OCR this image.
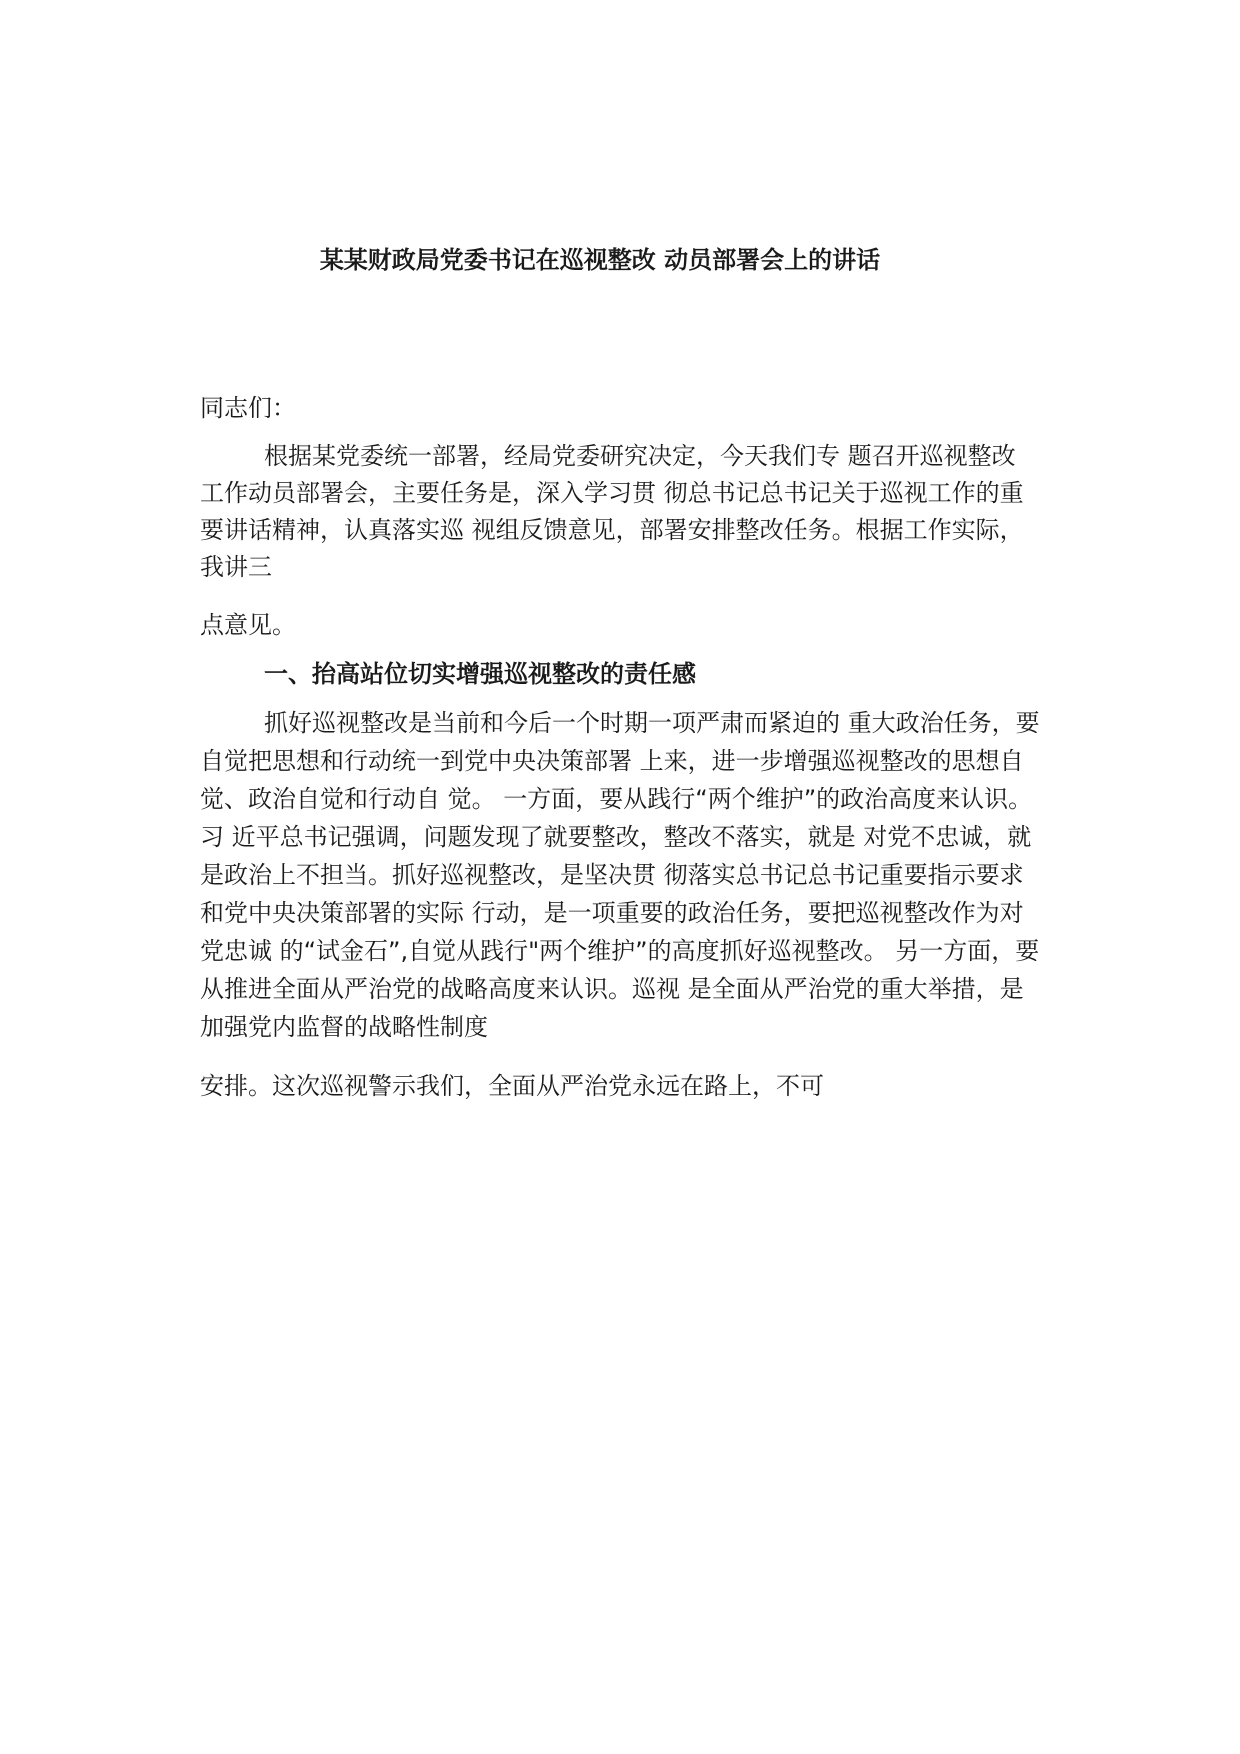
某某财政局党委书记在巡视整改 动员部署会上的讲话
同志们：
根据某党委统一部署，经局党委研究决定，今天我们专 题召开巡视整改
工作动员部署会，主要任务是，深入学习贯 彻总书记总书记关于巡视工作的重
要讲话精神，认真落实巡 视组反馈意见，部署安排整改任务。根据工作实际，
我讲三
点意见。
一、抬高站位切实增强巡视整改的责任感
抓好巡视整改是当前和今后一个时期一项严肃而紧迫的 重大政治任务，要
自觉把思想和行动统一到党中央决策部署 上来，进一步增强巡视整改的思想自
觉、政治自觉和行动自 觉。 一方面，要从践行“两个维护”的政治高度来认识。
习 近平总书记强调，问题发现了就要整改，整改不落实，就是 对党不忠诚，就
是政治上不担当。抓好巡视整改，是坚决贯 彻落实总书记总书记重要指示要求
和党中央决策部署的实际 行动，是一项重要的政治任务，要把巡视整改作为对
党忠诚 的“试金石”,自觉从践行"两个维护”的高度抓好巡视整改。 另一方面，要
从推进全面从严治党的战略高度来认识。巡视 是全面从严治党的重大举措，是
加强党内监督的战略性制度
安排。这次巡视警示我们，全面从严治党永远在路上，不可
